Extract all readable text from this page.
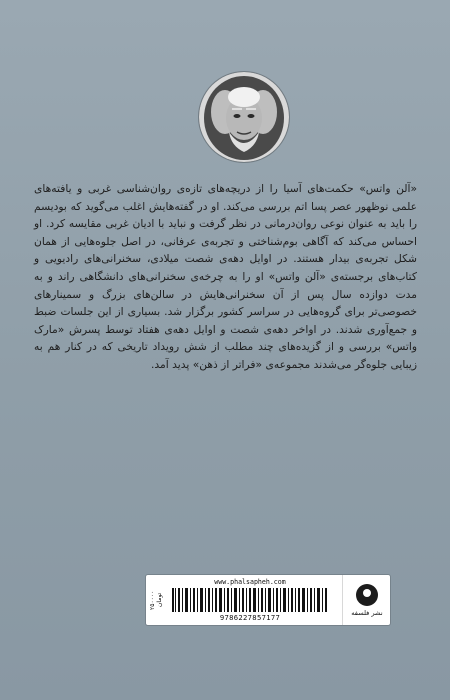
«آلن واتس» حکمت‌های آسیا را از دریچه‌های تازه‌ی روان‌شناسی غربی و یافته‌های علمی نوظهور عصر پسا اتم بررسی می‌کند. او در گفته‌هایش اغلب می‌گوید که بودیسم را باید به عنوان نوعی روان‌درمانی در نظر گرفت و نباید با ادیان غربی مقایسه کرد. او احساس می‌کند که آگاهی بوم‌شناختی و تجربه‌ی عرفانی، در اصل جلوه‌هایی از همان شکل تجربه‌ی بیدار هستند. در اوایل دهه‌ی شصت میلادی، سخنرانی‌های رادیویی و کتاب‌های برجسته‌ی «آلن واتس» او را به چرخه‌ی سخنرانی‌های دانشگاهی راند و به مدت دوازده سال پس از آن سخنرانی‌هایش در سالن‌های بزرگ و سمینارهای خصوصی‌تر برای گروه‌هایی در سراسر کشور برگزار شد. بسیاری از این جلسات ضبط و جمع‌آوری شدند. در اواخر دهه‌ی شصت و اوایل دهه‌ی هفتاد توسط پسرش «مارک واتس» بررسی و از گزیده‌های چند مطلب از شش رویداد تاریخی که در کنار هم به زیبایی جلوه‌گر می‌شدند مجموعه‌ی «فراتر از ذهن» پدید آمد.

۲۵۰۰۰۰ تومان
www.phalsapheh.com
9786227857177
نشر فلسفه
